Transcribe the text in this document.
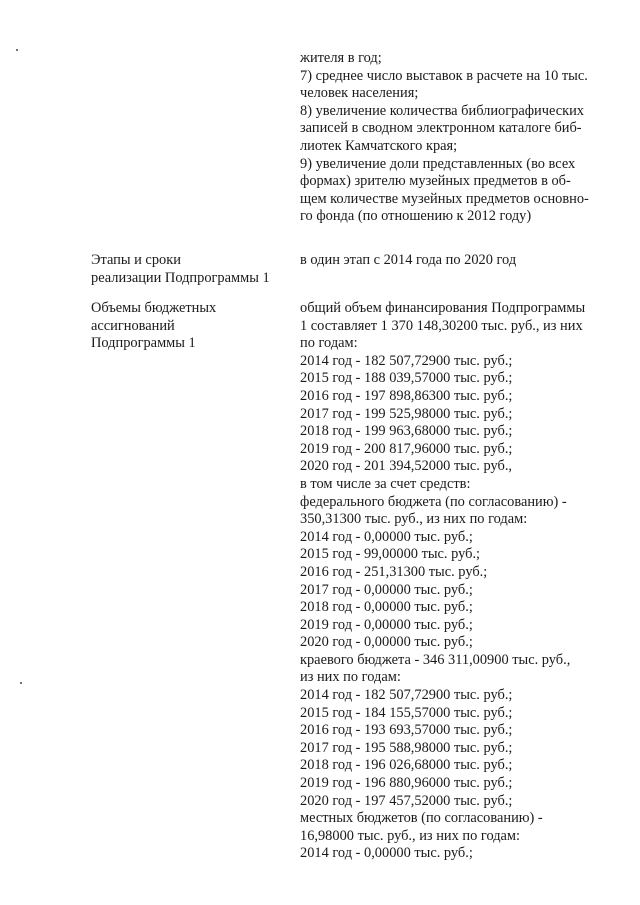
жителя в год;
7) среднее число выставок в расчете на 10 тыс.
человек населения;
8) увеличение количества библиографических
записей в сводном электронном каталоге биб-
лиотек Камчатского края;
9) увеличение доли представленных (во всех
формах) зрителю музейных предметов в об-
щем количестве музейных предметов основно-
го фонда (по отношению к 2012 году)
Этапы и сроки
реализации Подпрограммы 1
в один этап с 2014 года по 2020 год
Объемы бюджетных
ассигнований
Подпрограммы 1
общий объем финансирования Подпрограммы
1 составляет 1 370 148,30200 тыс. руб., из них
по годам:
2014 год - 182 507,72900 тыс. руб.;
2015 год - 188 039,57000 тыс. руб.;
2016 год - 197 898,86300 тыс. руб.;
2017 год - 199 525,98000 тыс. руб.;
2018 год - 199 963,68000 тыс. руб.;
2019 год - 200 817,96000 тыс. руб.;
2020 год - 201 394,52000 тыс. руб.,
в том числе за счет средств:
федерального бюджета (по согласованию) -
350,31300 тыс. руб., из них по годам:
2014 год - 0,00000 тыс. руб.;
2015 год - 99,00000 тыс. руб.;
2016 год - 251,31300 тыс. руб.;
2017 год - 0,00000 тыс. руб.;
2018 год - 0,00000 тыс. руб.;
2019 год - 0,00000 тыс. руб.;
2020 год - 0,00000 тыс. руб.;
краевого бюджета - 346 311,00900 тыс. руб.,
из них по годам:
2014 год - 182 507,72900 тыс. руб.;
2015 год - 184 155,57000 тыс. руб.;
2016 год - 193 693,57000 тыс. руб.;
2017 год - 195 588,98000 тыс. руб.;
2018 год - 196 026,68000 тыс. руб.;
2019 год - 196 880,96000 тыс. руб.;
2020 год - 197 457,52000 тыс. руб.;
местных бюджетов (по согласованию) -
16,98000 тыс. руб., из них по годам:
2014 год - 0,00000 тыс. руб.;
